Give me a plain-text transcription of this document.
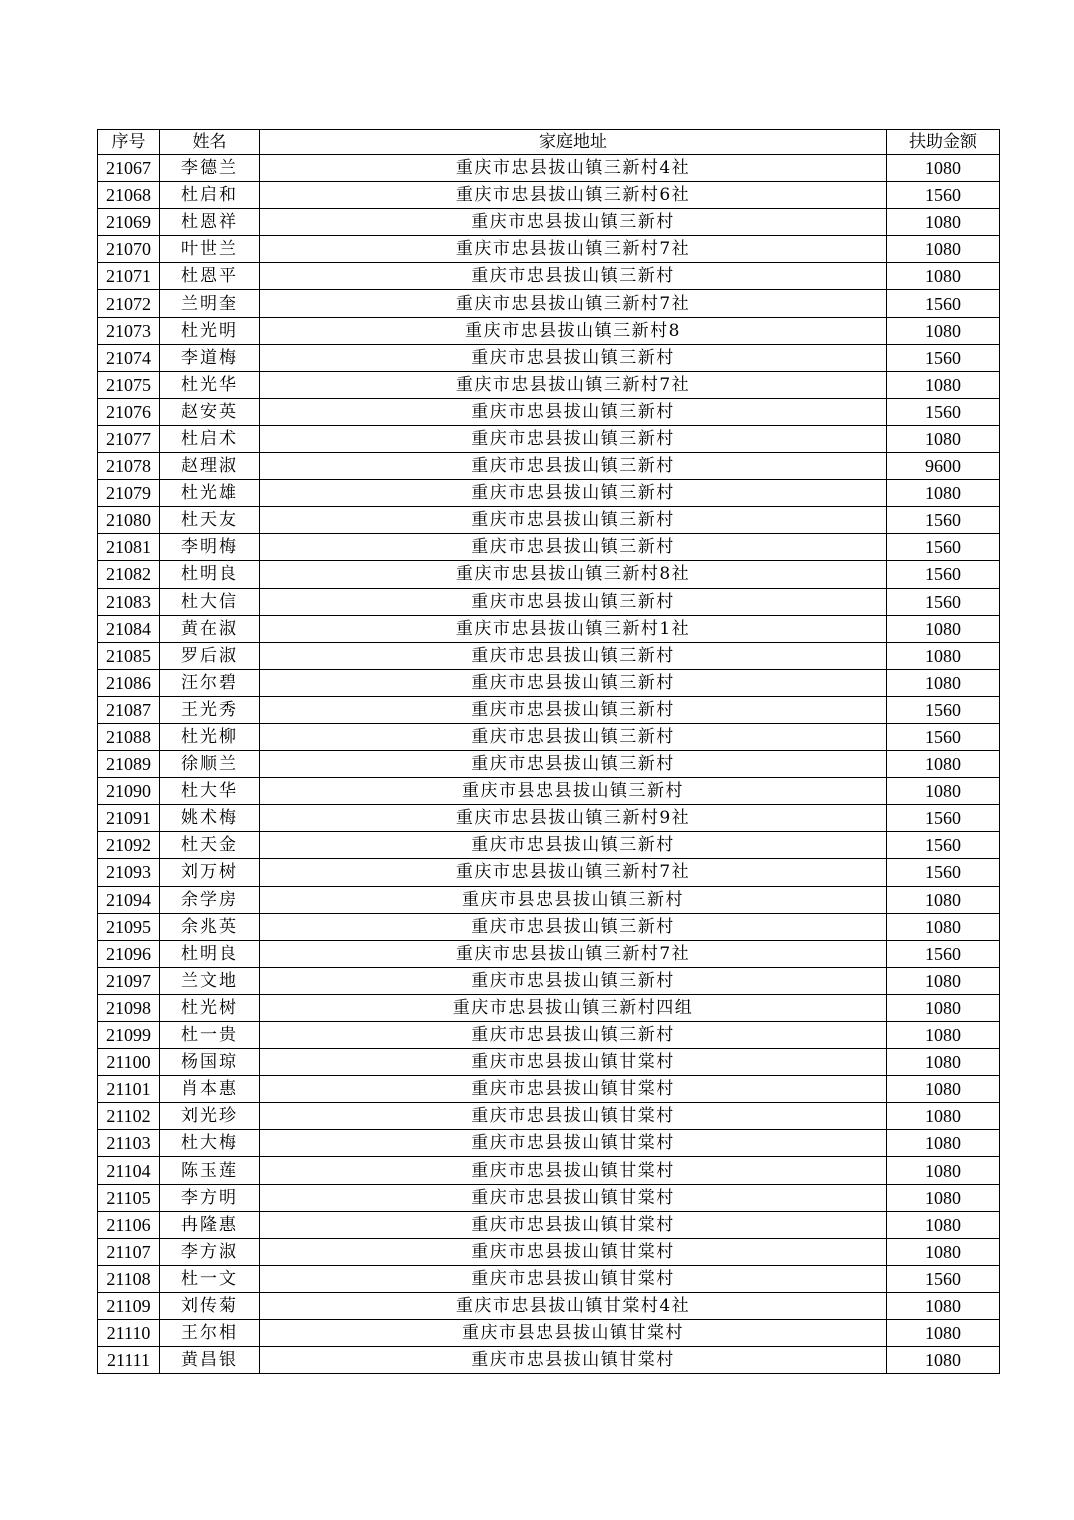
序号	姓名	家庭地址	扶助金额
21067	李德兰	重庆市忠县拔山镇三新村4社	1080
21068	杜启和	重庆市忠县拔山镇三新村6社	1560
21069	杜恩祥	重庆市忠县拔山镇三新村	1080
21070	叶世兰	重庆市忠县拔山镇三新村7社	1080
21071	杜恩平	重庆市忠县拔山镇三新村	1080
21072	兰明奎	重庆市忠县拔山镇三新村7社	1560
21073	杜光明	重庆市忠县拔山镇三新村8	1080
21074	李道梅	重庆市忠县拔山镇三新村	1560
21075	杜光华	重庆市忠县拔山镇三新村7社	1080
21076	赵安英	重庆市忠县拔山镇三新村	1560
21077	杜启术	重庆市忠县拔山镇三新村	1080
21078	赵理淑	重庆市忠县拔山镇三新村	9600
21079	杜光雄	重庆市忠县拔山镇三新村	1080
21080	杜天友	重庆市忠县拔山镇三新村	1560
21081	李明梅	重庆市忠县拔山镇三新村	1560
21082	杜明良	重庆市忠县拔山镇三新村8社	1560
21083	杜大信	重庆市忠县拔山镇三新村	1560
21084	黄在淑	重庆市忠县拔山镇三新村1社	1080
21085	罗后淑	重庆市忠县拔山镇三新村	1080
21086	汪尔碧	重庆市忠县拔山镇三新村	1080
21087	王光秀	重庆市忠县拔山镇三新村	1560
21088	杜光柳	重庆市忠县拔山镇三新村	1560
21089	徐顺兰	重庆市忠县拔山镇三新村	1080
21090	杜大华	重庆市县忠县拔山镇三新村	1080
21091	姚术梅	重庆市忠县拔山镇三新村9社	1560
21092	杜天金	重庆市忠县拔山镇三新村	1560
21093	刘万树	重庆市忠县拔山镇三新村7社	1560
21094	余学房	重庆市县忠县拔山镇三新村	1080
21095	余兆英	重庆市忠县拔山镇三新村	1080
21096	杜明良	重庆市忠县拔山镇三新村7社	1560
21097	兰文地	重庆市忠县拔山镇三新村	1080
21098	杜光树	重庆市忠县拔山镇三新村四组	1080
21099	杜一贵	重庆市忠县拔山镇三新村	1080
21100	杨国琼	重庆市忠县拔山镇甘棠村	1080
21101	肖本惠	重庆市忠县拔山镇甘棠村	1080
21102	刘光珍	重庆市忠县拔山镇甘棠村	1080
21103	杜大梅	重庆市忠县拔山镇甘棠村	1080
21104	陈玉莲	重庆市忠县拔山镇甘棠村	1080
21105	李方明	重庆市忠县拔山镇甘棠村	1080
21106	冉隆惠	重庆市忠县拔山镇甘棠村	1080
21107	李方淑	重庆市忠县拔山镇甘棠村	1080
21108	杜一文	重庆市忠县拔山镇甘棠村	1560
21109	刘传菊	重庆市忠县拔山镇甘棠村4社	1080
21110	王尔相	重庆市县忠县拔山镇甘棠村	1080
21111	黄昌银	重庆市忠县拔山镇甘棠村	1080
